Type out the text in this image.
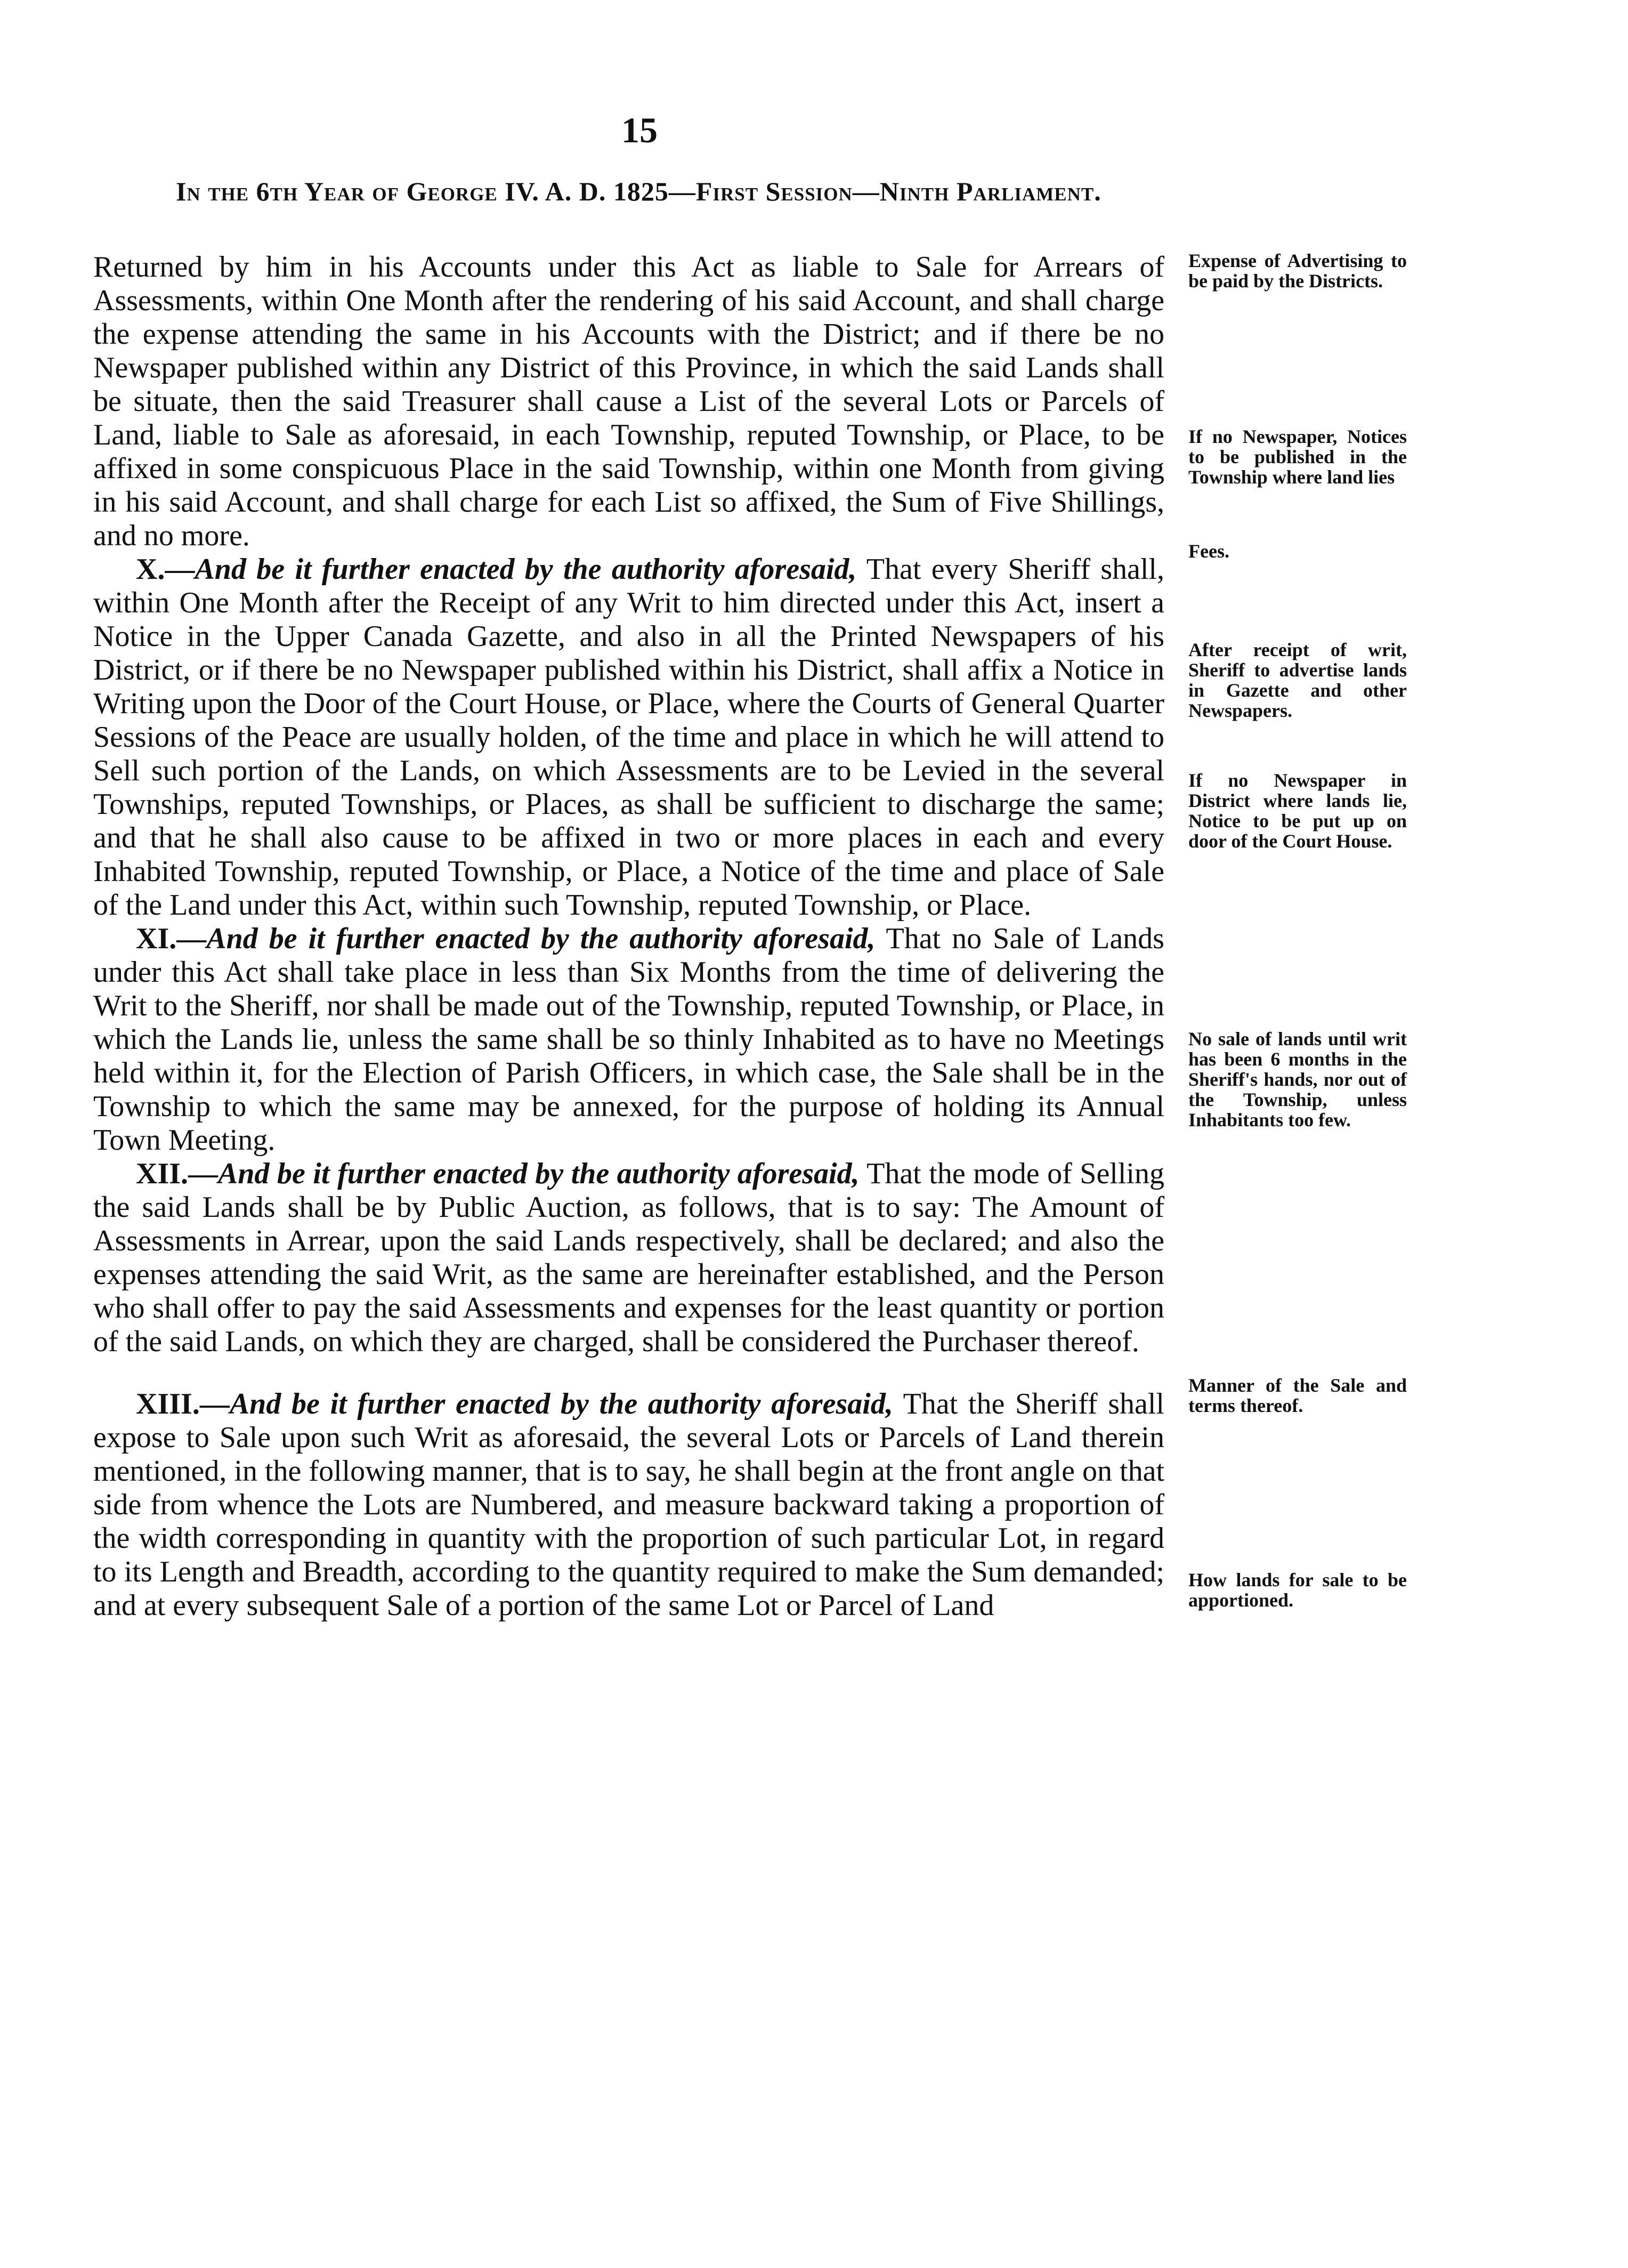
15
In the 6th Year of George IV. A. D. 1825—First Session—Ninth Parliament.

Returned by him in his Accounts under this Act as liable to Sale for Arrears of Assessments, within One Month after the rendering of his said Account, and shall charge the expense attending the same in his Accounts with the District; and if there be no Newspaper published within any District of this Province, in which the said Lands shall be situate, then the said Treasurer shall cause a List of the several Lots or Parcels of Land, liable to Sale as aforesaid, in each Township, reputed Township, or Place, to be affixed in some conspicuous Place in the said Township, within one Month from giving in his said Account, and shall charge for each List so affixed, the Sum of Five Shillings, and no more.

X.—And be it further enacted by the authority aforesaid, That every Sheriff shall, within One Month after the Receipt of any Writ to him directed under this Act, insert a Notice in the Upper Canada Gazette, and also in all the Printed Newspapers of his District, or if there be no Newspaper published within his District, shall affix a Notice in Writing upon the Door of the Court House, or Place, where the Courts of General Quarter Sessions of the Peace are usually holden, of the time and place in which he will attend to Sell such portion of the Lands, on which Assessments are to be Levied in the several Townships, reputed Townships, or Places, as shall be sufficient to discharge the same; and that he shall also cause to be affixed in two or more places in each and every Inhabited Township, reputed Township, or Place, a Notice of the time and place of Sale of the Land under this Act, within such Township, reputed Township, or Place.

XI.—And be it further enacted by the authority aforesaid, That no Sale of Lands under this Act shall take place in less than Six Months from the time of delivering the Writ to the Sheriff, nor shall be made out of the Township, reputed Township, or Place, in which the Lands lie, unless the same shall be so thinly Inhabited as to have no Meetings held within it, for the Election of Parish Officers, in which case, the Sale shall be in the Township to which the same may be annexed, for the purpose of holding its Annual Town Meeting.

XII.—And be it further enacted by the authority aforesaid, That the mode of Selling the said Lands shall be by Public Auction, as follows, that is to say: The Amount of Assessments in Arrear, upon the said Lands respectively, shall be declared; and also the expenses attending the said Writ, as the same are hereinafter established, and the Person who shall offer to pay the said Assessments and expenses for the least quantity or portion of the said Lands, on which they are charged, shall be considered the Purchaser thereof.

XIII.—And be it further enacted by the authority aforesaid, That the Sheriff shall expose to Sale upon such Writ as aforesaid, the several Lots or Parcels of Land therein mentioned, in the following manner, that is to say, he shall begin at the front angle on that side from whence the Lots are Numbered, and measure backward taking a proportion of the width corresponding in quantity with the proportion of such particular Lot, in regard to its Length and Breadth, according to the quantity required to make the Sum demanded; and at every subsequent Sale of a portion of the same Lot or Parcel of Land

Expense of Advertising to be paid by the Districts.
If no Newspaper, Notices to be published in the Township where land lies
Fees.
After receipt of writ, Sheriff to advertise lands in Gazette and other Newspapers.
If no Newspaper in District where lands lie, Notice to be put up on door of the Court House.
No sale of lands until writ has been 6 months in the Sheriff's hands, nor out of the Township, unless Inhabitants too few.
Manner of the Sale and terms thereof.
How lands for sale to be apportioned.
